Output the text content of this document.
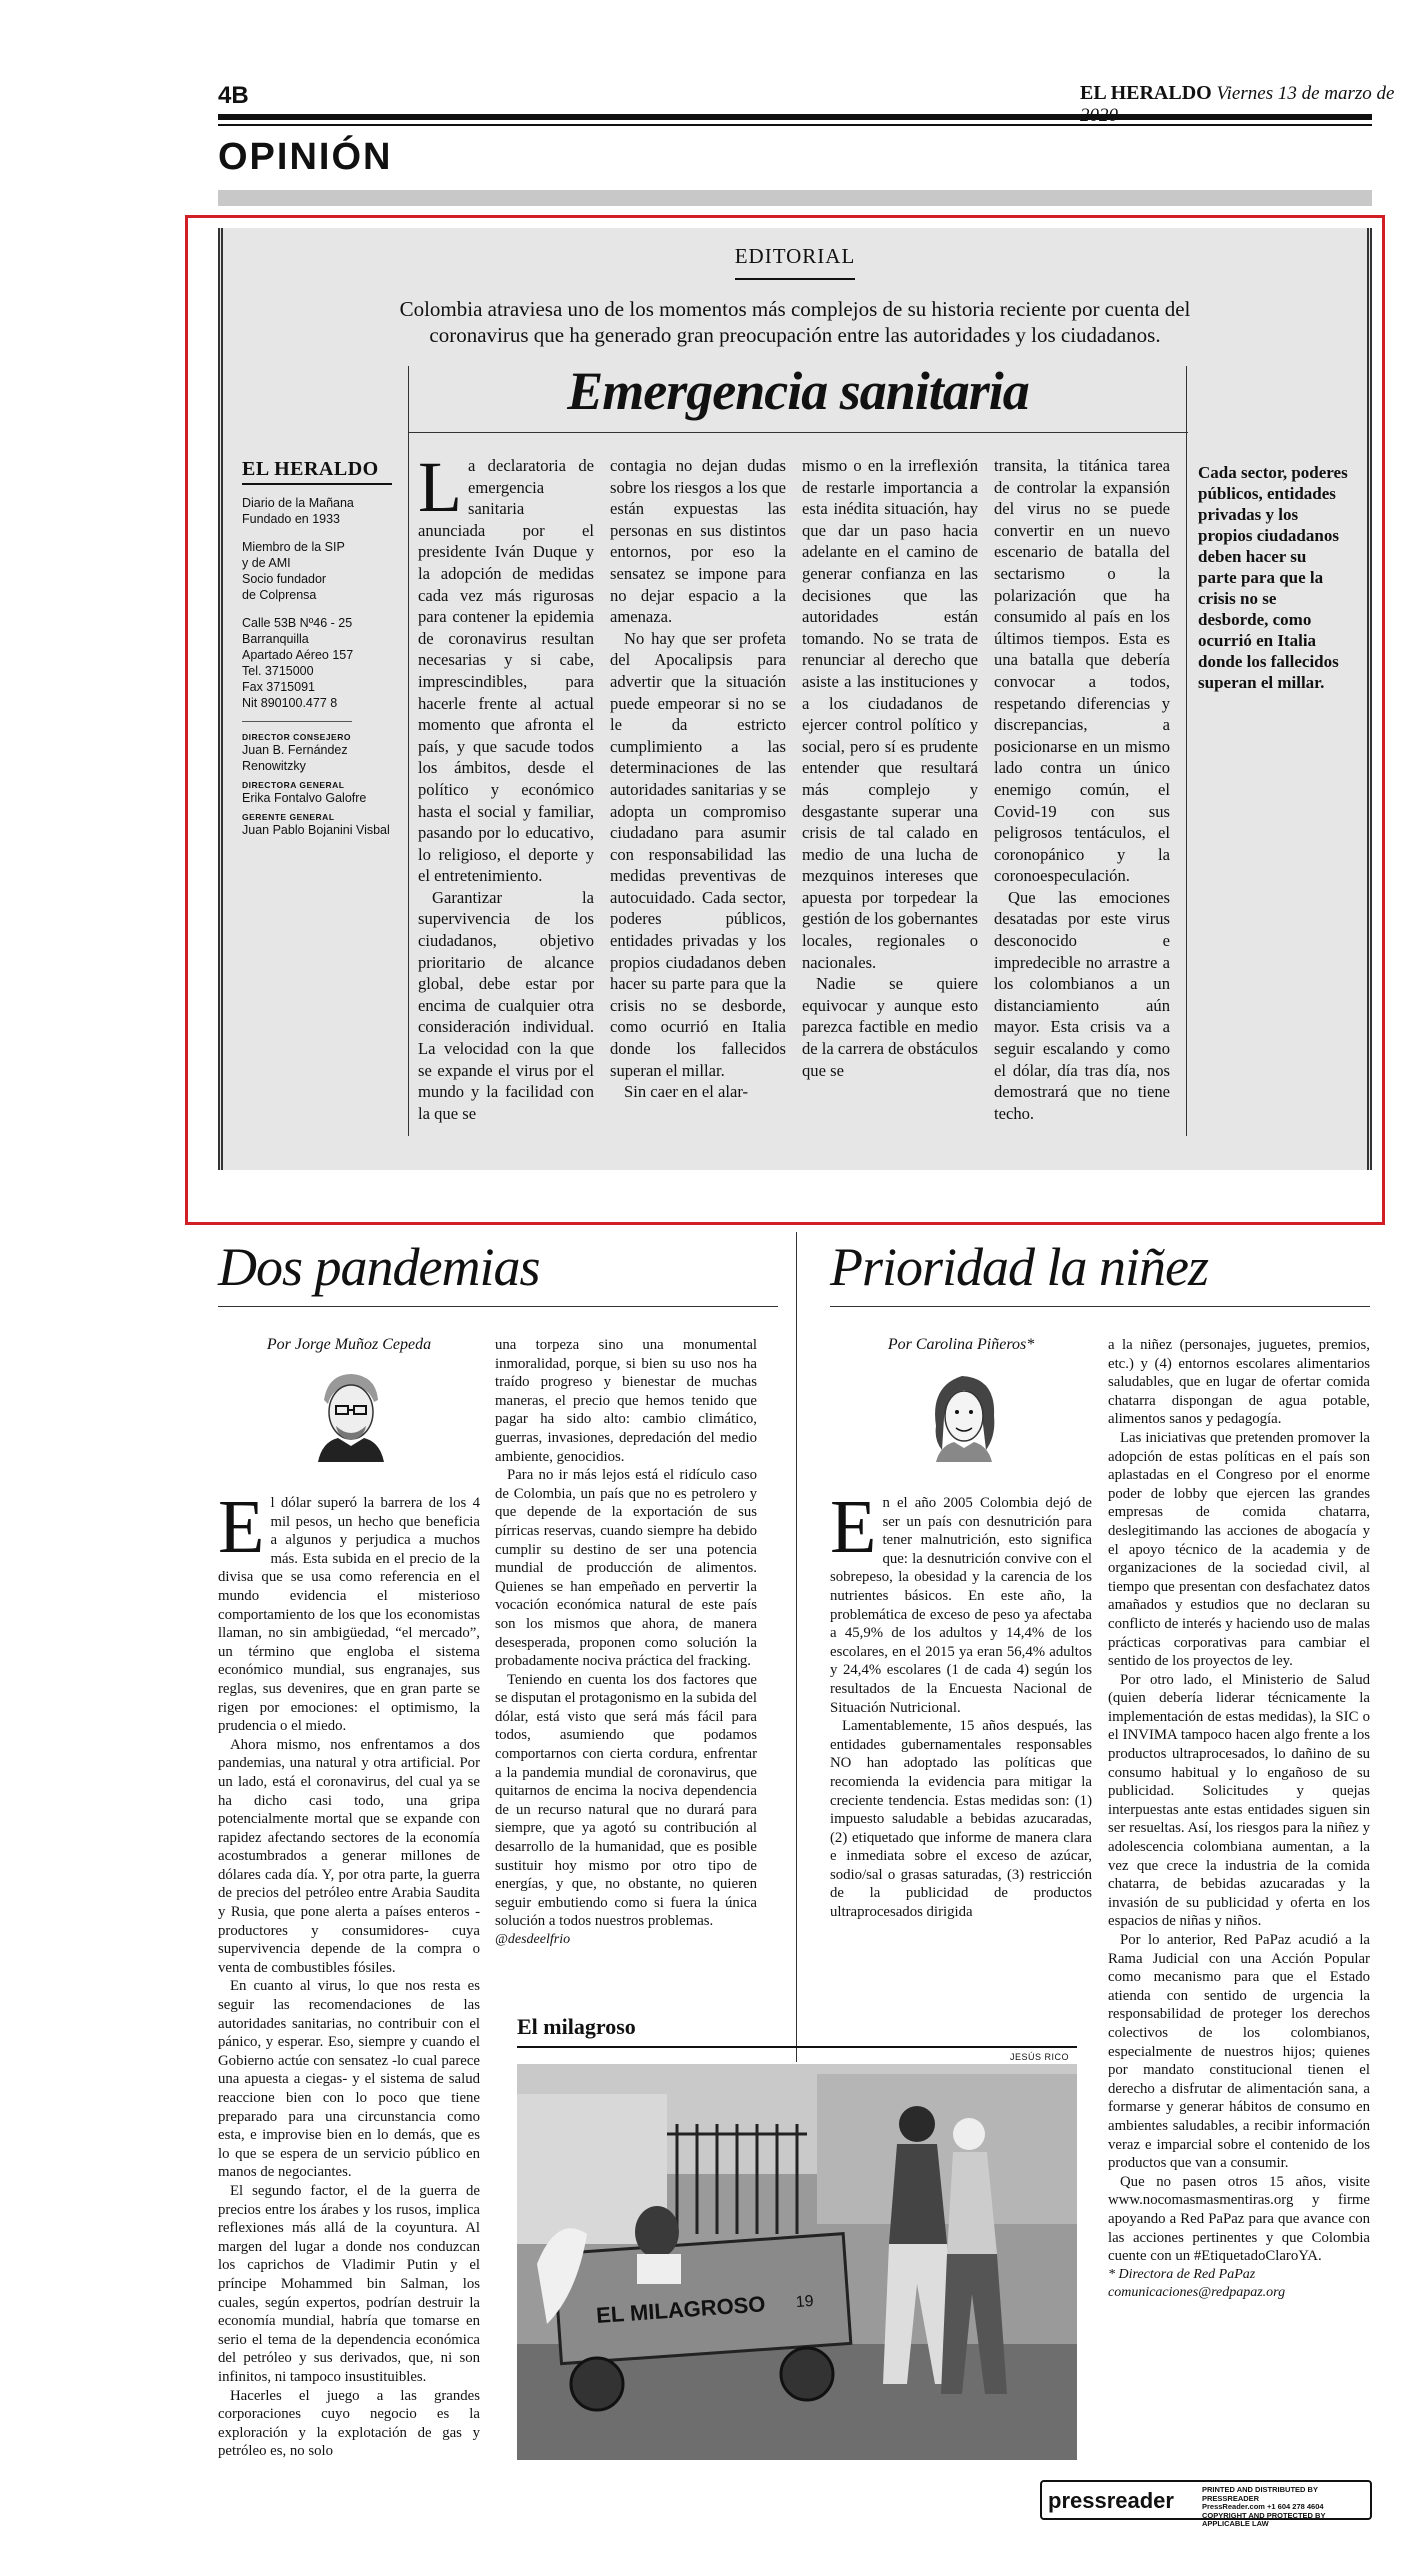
4B	EL HERALDO Viernes 13 de marzo de
OPINIÓN
EDITORIAL
Colombia atraviesa uno de los momentos más complejos de su historia reciente por cuenta del coronavirus que ha generado gran preocupación entre las autoridades y los ciudadanos.
Emergencia sanitaria
EL HERALDO
Diario de la Mañana
Fundado en 1933
Miembro de la SIP
y de AMI
Socio fundador
de Colprensa
Calle 53B Nº46 - 25
Barranquilla
Apartado Aéreo 157
Tel. 3715000
Fax 3715091
Nit 890100.477 8
DIRECTOR CONSEJERO
Juan B. Fernández Renowitzky
DIRECTORA GENERAL
Erika Fontalvo Galofre
GERENTE GENERAL
Juan Pablo Bojanini Visbal

La declaratoria de emergencia sanitaria anunciada por el presidente Iván Duque y la adopción de medidas cada vez más rigurosas para contener la epidemia de coronavirus resultan necesarias y si cabe, imprescindibles, para hacerle frente al actual momento que afronta el país, y que sacude todos los ámbitos, desde el político y económico hasta el social y familiar, pasando por lo educativo, lo religioso, el deporte y el entretenimiento.

Garantizar la supervivencia de los ciudadanos, objetivo prioritario de alcance global, debe estar por encima de cualquier otra consideración individual. La velocidad con la que se expande el virus por el mundo y la facilidad con la que se

contagia no dejan dudas sobre los riesgos a los que están expuestas las personas en sus distintos entornos, por eso la sensatez se impone para no dejar espacio a la amenaza.

No hay que ser profeta del Apocalipsis para advertir que la situación puede empeorar si no se le da estricto cumplimiento a las determinaciones de las autoridades sanitarias y se adopta un compromiso ciudadano para asumir con responsabilidad las medidas preventivas de autocuidado. Cada sector, poderes públicos, entidades privadas y los propios ciudadanos deben hacer su parte para que la crisis no se desborde, como ocurrió en Italia donde los fallecidos superan el millar.

Sin caer en el alar-

mismo o en la irreflexión de restarle importancia a esta inédita situación, hay que dar un paso hacia adelante en el camino de generar confianza en las decisiones que las autoridades están tomando. No se trata de renunciar al derecho que asiste a las instituciones y a los ciudadanos de ejercer control político y social, pero sí es prudente entender que resultará más complejo y desgastante superar una crisis de tal calado en medio de una lucha de mezquinos intereses que apuesta por torpedear la gestión de los gobernantes locales, regionales o nacionales.

Nadie se quiere equivocar y aunque esto parezca factible en medio de la carrera de obstáculos que se

transita, la titánica tarea de controlar la expansión del virus no se puede convertir en un nuevo escenario de batalla del sectarismo o la polarización que ha consumido al país en los últimos tiempos. Esta es una batalla que debería convocar a todos, respetando diferencias y discrepancias, a posicionarse en un mismo lado contra un único enemigo común, el Covid-19 con sus peligrosos tentáculos, el coronopánico y la coronoespeculación.

Que las emociones desatadas por este virus desconocido e impredecible no arrastre a los colombianos a un distanciamiento aún mayor. Esta crisis va a seguir escalando y como el dólar, día tras día, nos demostrará que no tiene techo.

Cada sector, poderes públicos, entidades privadas y los propios ciudadanos deben hacer su parte para que la crisis no se desborde, como ocurrió en Italia donde los fallecidos superan el millar.
Dos pandemias
Por Jorge Muñoz Cepeda

El dólar superó la barrera de los 4 mil pesos, un hecho que beneficia a algunos y perjudica a muchos más. Esta subida en el precio de la divisa que se usa como referencia en el mundo evidencia el misterioso comportamiento de los que los economistas llaman, no sin ambigüedad, “el mercado”, un término que engloba el sistema económico mundial, sus engranajes, sus reglas, sus devenires, que en gran parte se rigen por emociones: el optimismo, la prudencia o el miedo.

Ahora mismo, nos enfrentamos a dos pandemias, una natural y otra artificial. Por un lado, está el coronavirus, del cual ya se ha dicho casi todo, una gripa potencialmente mortal que se expande con rapidez afectando sectores de la economía acostumbrados a generar millones de dólares cada día. Y, por otra parte, la guerra de precios del petróleo entre Arabia Saudita y Rusia, que pone alerta a países enteros -productores y consumidores- cuya supervivencia depende de la compra o venta de combustibles fósiles.

En cuanto al virus, lo que nos resta es seguir las recomendaciones de las autoridades sanitarias, no contribuir con el pánico, y esperar. Eso, siempre y cuando el Gobierno actúe con sensatez -lo cual parece una apuesta a ciegas- y el sistema de salud reaccione bien con lo poco que tiene preparado para una circunstancia como esta, e improvise bien en lo demás, que es lo que se espera de un servicio público en manos de negociantes.

El segundo factor, el de la guerra de precios entre los árabes y los rusos, implica reflexiones más allá de la coyuntura. Al margen del lugar a donde nos conduzcan los caprichos de Vladimir Putin y el príncipe Mohammed bin Salman, los cuales, según expertos, podrían destruir la economía mundial, habría que tomarse en serio el tema de la dependencia económica del petróleo y sus derivados, que, ni son infinitos, ni tampoco insustituibles.

Hacerles el juego a las grandes corporaciones cuyo negocio es la exploración y la explotación de gas y petróleo es, no solo

una torpeza sino una monumental inmoralidad, porque, si bien su uso nos ha traído progreso y bienestar de muchas maneras, el precio que hemos tenido que pagar ha sido alto: cambio climático, guerras, invasiones, depredación del medio ambiente, genocidios.

Para no ir más lejos está el ridículo caso de Colombia, un país que no es petrolero y que depende de la exportación de sus pírricas reservas, cuando siempre ha debido cumplir su destino de ser una potencia mundial de producción de alimentos. Quienes se han empeñado en pervertir la vocación económica natural de este país son los mismos que ahora, de manera desesperada, proponen como solución la probadamente nociva práctica del fracking.

Teniendo en cuenta los dos factores que se disputan el protagonismo en la subida del dólar, está visto que será más fácil para todos, asumiendo que podamos comportarnos con cierta cordura, enfrentar a la pandemia mundial de coronavirus, que quitarnos de encima la nociva dependencia de un recurso natural que no durará para siempre, que ya agotó su contribución al desarrollo de la humanidad, que es posible sustituir hoy mismo por otro tipo de energías, y que, no obstante, no quieren seguir embutiendo como si fuera la única solución a todos nuestros problemas.

@desdeelfrio

Prioridad la niñez
Por Carolina Piñeros*

En el año 2005 Colombia dejó de ser un país con desnutrición para tener malnutrición, esto significa que: la desnutrición convive con el sobrepeso, la obesidad y la carencia de los nutrientes básicos. En este año, la problemática de exceso de peso ya afectaba a 45,9% de los adultos y 14,4% de los escolares, en el 2015 ya eran 56,4% adultos y 24,4% escolares (1 de cada 4) según los resultados de la Encuesta Nacional de Situación Nutricional.

Lamentablemente, 15 años después, las entidades gubernamentales responsables NO han adoptado las políticas que recomienda la evidencia para mitigar la creciente tendencia. Estas medidas son: (1) impuesto saludable a bebidas azucaradas, (2) etiquetado que informe de manera clara e inmediata sobre el exceso de azúcar, sodio/sal o grasas saturadas, (3) restricción de la publicidad de productos ultraprocesados dirigida

a la niñez (personajes, juguetes, premios, etc.) y (4) entornos escolares alimentarios saludables, que en lugar de ofertar comida chatarra dispongan de agua potable, alimentos sanos y pedagogía.

Las iniciativas que pretenden promover la adopción de estas políticas en el país son aplastadas en el Congreso por el enorme poder de lobby que ejercen las grandes empresas de comida chatarra, deslegitimando las acciones de abogacía y el apoyo técnico de la academia y de organizaciones de la sociedad civil, al tiempo que presentan con desfachatez datos amañados y estudios que no declaran su conflicto de interés y haciendo uso de malas prácticas corporativas para cambiar el sentido de los proyectos de ley.

Por otro lado, el Ministerio de Salud (quien debería liderar técnicamente la implementación de estas medidas), la SIC o el INVIMA tampoco hacen algo frente a los productos ultraprocesados, lo dañino de su consumo habitual y lo engañoso de su publicidad. Solicitudes y quejas interpuestas ante estas entidades siguen sin ser resueltas. Así, los riesgos para la niñez y adolescencia colombiana aumentan, a la vez que crece la industria de la comida chatarra, de bebidas azucaradas y la invasión de su publicidad y oferta en los espacios de niñas y niños.

Por lo anterior, Red PaPaz acudió a la Rama Judicial con una Acción Popular como mecanismo para que el Estado atienda con sentido de urgencia la responsabilidad de proteger los derechos colectivos de los colombianos, especialmente de nuestros hijos; quienes por mandato constitucional tienen el derecho a disfrutar de alimentación sana, a formarse y generar hábitos de consumo en ambientes saludables, a recibir información veraz e imparcial sobre el contenido de los productos que van a consumir.

Que no pasen otros 15 años, visite www.nocomasmasmentiras.org y firme apoyando a Red PaPaz para que avance con las acciones pertinentes y que Colombia cuente con un #EtiquetadoClaroYA.

* Directora de Red PaPaz

comunicaciones@redpapaz.org

El milagroso
JESÚS RICO
EL MILAGROSO 19
pressreader	PRINTED AND DISTRIBUTED BY PRESSREADER
PressReader.com +1 604 278 4604
COPYRIGHT AND PROTECTED BY APPLICABLE LAW
